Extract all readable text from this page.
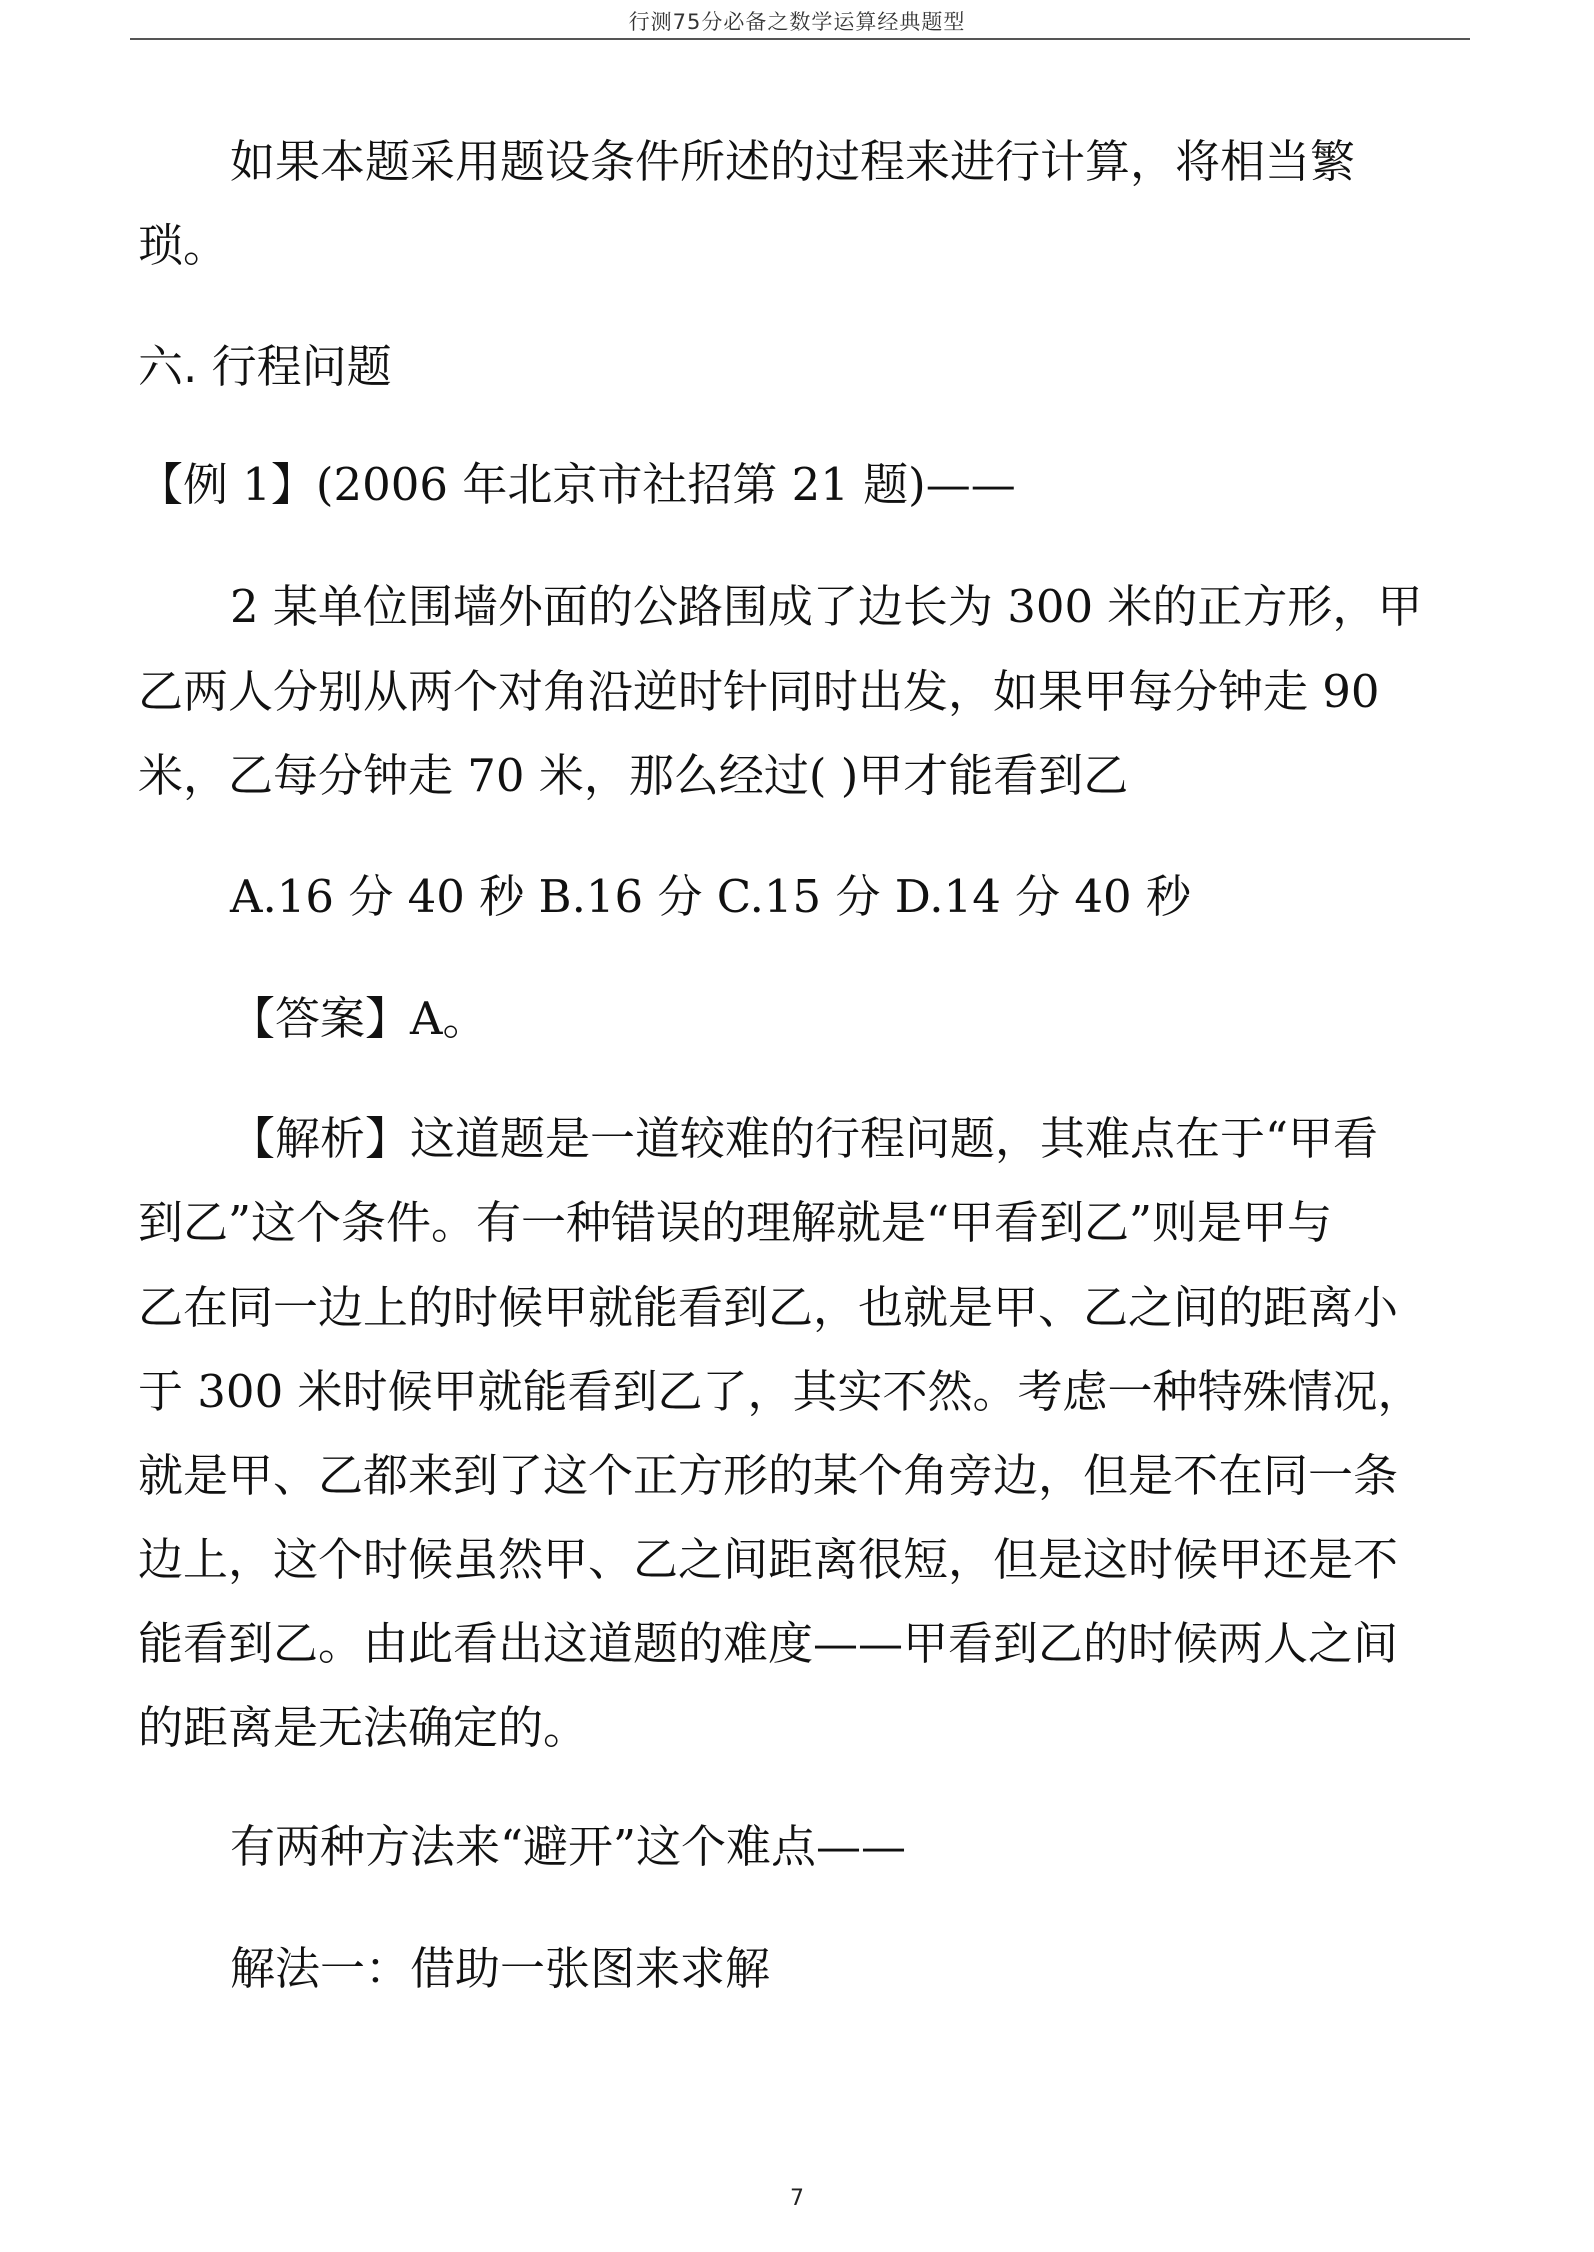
行测75分必备之数学运算经典题型
如果本题采用题设条件所述的过程来进行计算，将相当繁
琐。
六. 行程问题
【例 1】(2006 年北京市社招第 21 题)——
2 某单位围墙外面的公路围成了边长为 300 米的正方形，甲
乙两人分别从两个对角沿逆时针同时出发，如果甲每分钟走 90
米，乙每分钟走 70 米，那么经过( )甲才能看到乙
A.16 分 40 秒 B.16 分 C.15 分 D.14 分 40 秒
【答案】A。
【解析】这道题是一道较难的行程问题，其难点在于“甲看
到乙”这个条件。有一种错误的理解就是“甲看到乙”则是甲与
乙在同一边上的时候甲就能看到乙，也就是甲、乙之间的距离小
于 300 米时候甲就能看到乙了，其实不然。考虑一种特殊情况，
就是甲、乙都来到了这个正方形的某个角旁边，但是不在同一条
边上，这个时候虽然甲、乙之间距离很短，但是这时候甲还是不
能看到乙。由此看出这道题的难度——甲看到乙的时候两人之间
的距离是无法确定的。
有两种方法来“避开”这个难点——
解法一：借助一张图来求解
7
